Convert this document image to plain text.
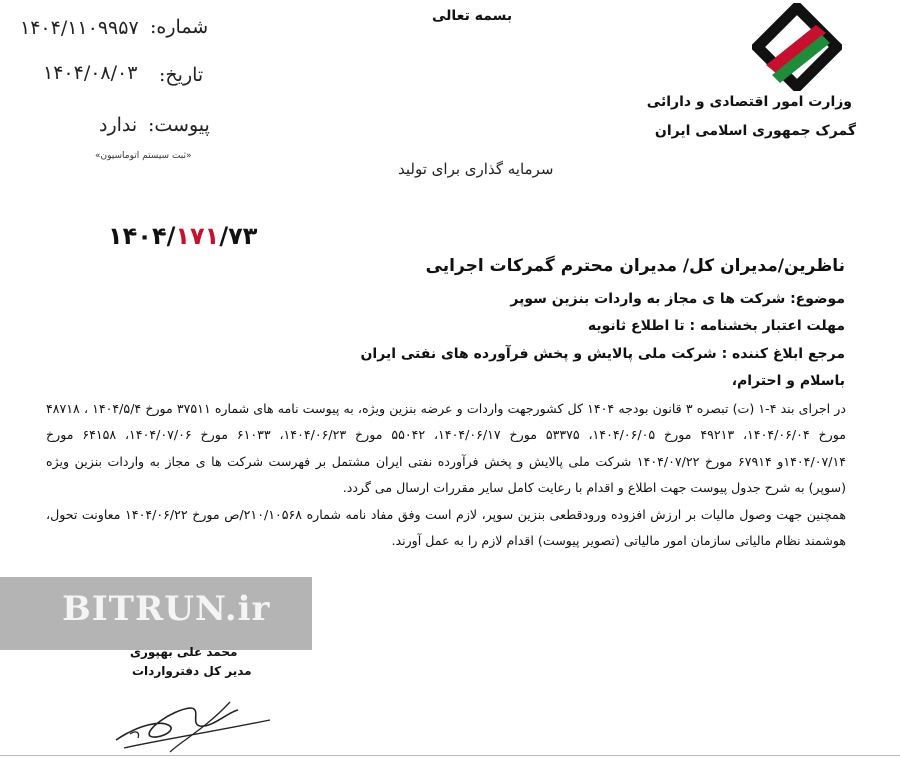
وزارت امور اقتصادی و دارائی
گمرک جمهوری اسلامی ایران
بسمه تعالی
سرمایه گذاری برای تولید
شماره:
۱۴۰۴/۱۱۰۹۹۵۷
تاریخ:
۱۴۰۴/۰۸/۰۳
پیوست:
ندارد
«ثبت سیستم اتوماسیون»
۱۴۰۴/۱۷۱/۷۳
ناظرین/مدیران کل/ مدیران محترم گمرکات اجرایی
موضوع: شرکت ها ی مجاز به واردات بنزین سوپر
مهلت اعتبار بخشنامه : تا اطلاع ثانویه
مرجع ابلاغ کننده : شرکت ملی پالایش و پخش فرآورده های نفتی ایران
باسلام و احترام،

در اجرای بند ۴-۱ (ت) تبصره ۳ قانون بودجه ۱۴۰۴ کل کشورجهت واردات و عرضه بنزین ویژه، به پیوست نامه های شماره ۳۷۵۱۱ مورخ ۱۴۰۴/۵/۴ ، ۴۸۷۱۸ مورخ ۱۴۰۴/۰۶/۰۴، ۴۹۲۱۳ مورخ ۱۴۰۴/۰۶/۰۵، ۵۳۳۷۵ مورخ ۱۴۰۴/۰۶/۱۷، ۵۵۰۴۲ مورخ ۱۴۰۴/۰۶/۲۳، ۶۱۰۳۳ مورخ ۱۴۰۴/۰۷/۰۶، ۶۴۱۵۸ مورخ ۱۴۰۴/۰۷/۱۴و ۶۷۹۱۴ مورخ ۱۴۰۴/۰۷/۲۲ شرکت ملی پالایش و پخش فرآورده نفتی ایران مشتمل بر فهرست شرکت ها ی مجاز به واردات بنزین ویژه (سوپر) به شرح جدول پیوست جهت اطلاع و اقدام با رعایت کامل سایر مقررات ارسال می گردد.

همچنین جهت وصول مالیات بر ارزش افزوده ورودقطعی بنزین سوپر، لازم است وفق مفاد نامه شماره ۲۱۰/۱۰۵۶۸/ص مورخ ۱۴۰۴/۰۶/۲۲ معاونت تحول، هوشمند نظام مالیاتی سازمان امور مالیاتی (تصویر پیوست) اقدام لازم را به عمل آورند.

BITRUN.ir
محمد علی بهپوری
مدیر کل دفترواردات
